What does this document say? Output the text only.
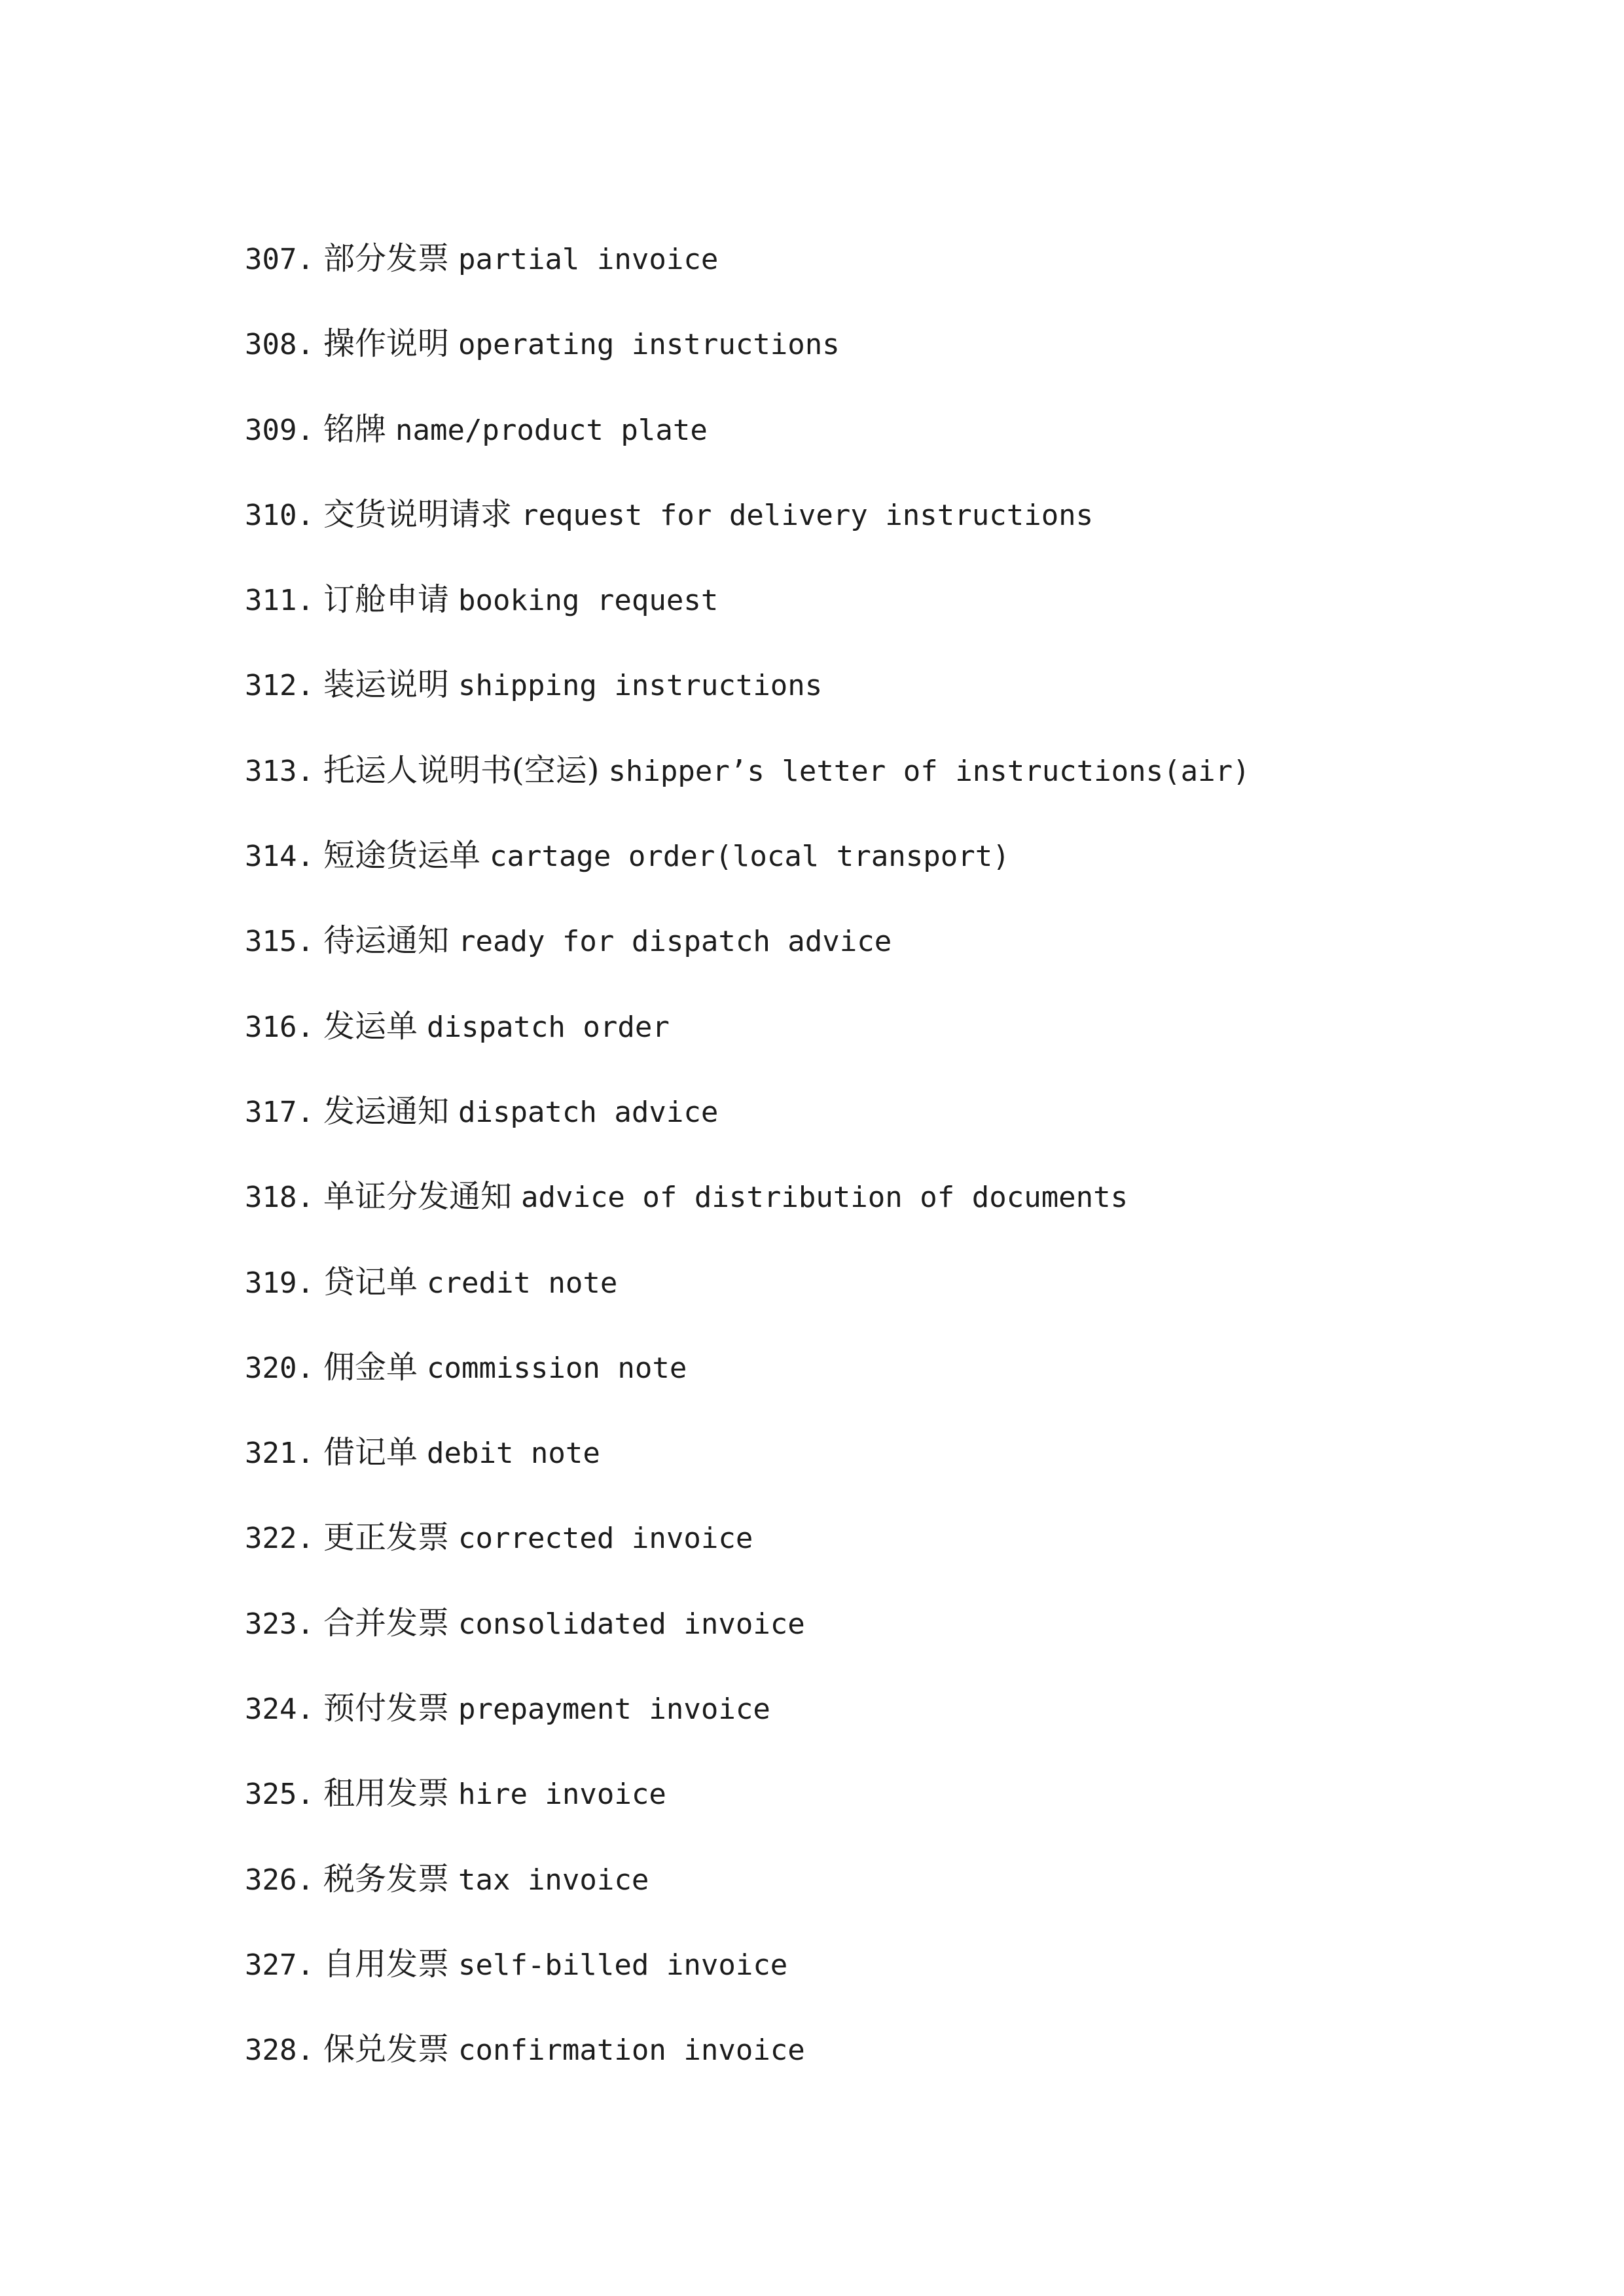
307. 部分发票 partial invoice
308. 操作说明 operating instructions
309. 铭牌 name/product plate
310. 交货说明请求 request for delivery instructions
311. 订舱申请 booking request
312. 装运说明 shipping instructions
313. 托运人说明书(空运) shipper’s letter of instructions(air)
314. 短途货运单 cartage order(local transport)
315. 待运通知 ready for dispatch advice
316. 发运单 dispatch order
317. 发运通知 dispatch advice
318. 单证分发通知 advice of distribution of documents
319. 贷记单 credit note
320. 佣金单 commission note
321. 借记单 debit note
322. 更正发票 corrected invoice
323. 合并发票 consolidated invoice
324. 预付发票 prepayment invoice
325. 租用发票 hire invoice
326. 税务发票 tax invoice
327. 自用发票 self-billed invoice
328. 保兑发票 confirmation invoice
